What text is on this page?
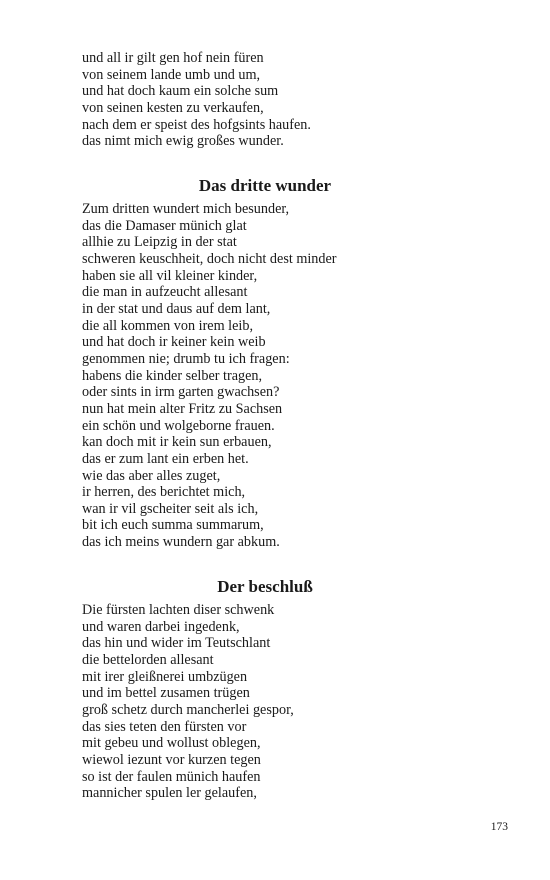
und all ir gilt gen hof nein füren
von seinem lande umb und um,
und hat doch kaum ein solche sum
von seinen kesten zu verkaufen,
nach dem er speist des hofgsints haufen.
das nimt mich ewig großes wunder.
Das dritte wunder
Zum dritten wundert mich besunder,
das die Damaser münich glat
allhie zu Leipzig in der stat
schweren keuschheit, doch nicht dest minder
haben sie all vil kleiner kinder,
die man in aufzeucht allesant
in der stat und daus auf dem lant,
die all kommen von irem leib,
und hat doch ir keiner kein weib
genommen nie; drumb tu ich fragen:
habens die kinder selber tragen,
oder sints in irm garten gwachsen?
nun hat mein alter Fritz zu Sachsen
ein schön und wolgeborne frauen.
kan doch mit ir kein sun erbauen,
das er zum lant ein erben het.
wie das aber alles zuget,
ir herren, des berichtet mich,
wan ir vil gscheiter seit als ich,
bit ich euch summa summarum,
das ich meins wundern gar abkum.
Der beschluß
Die fürsten lachten diser schwenk
und waren darbei ingedenk,
das hin und wider im Teutschlant
die bettelorden allesant
mit irer gleißnerei umbzügen
und im bettel zusamen trügen
groß schetz durch mancherlei gespor,
das sies teten den fürsten vor
mit gebeu und wollust oblegen,
wiewol iezunt vor kurzen tegen
so ist der faulen münich haufen
mannicher spulen ler gelaufen,
173
